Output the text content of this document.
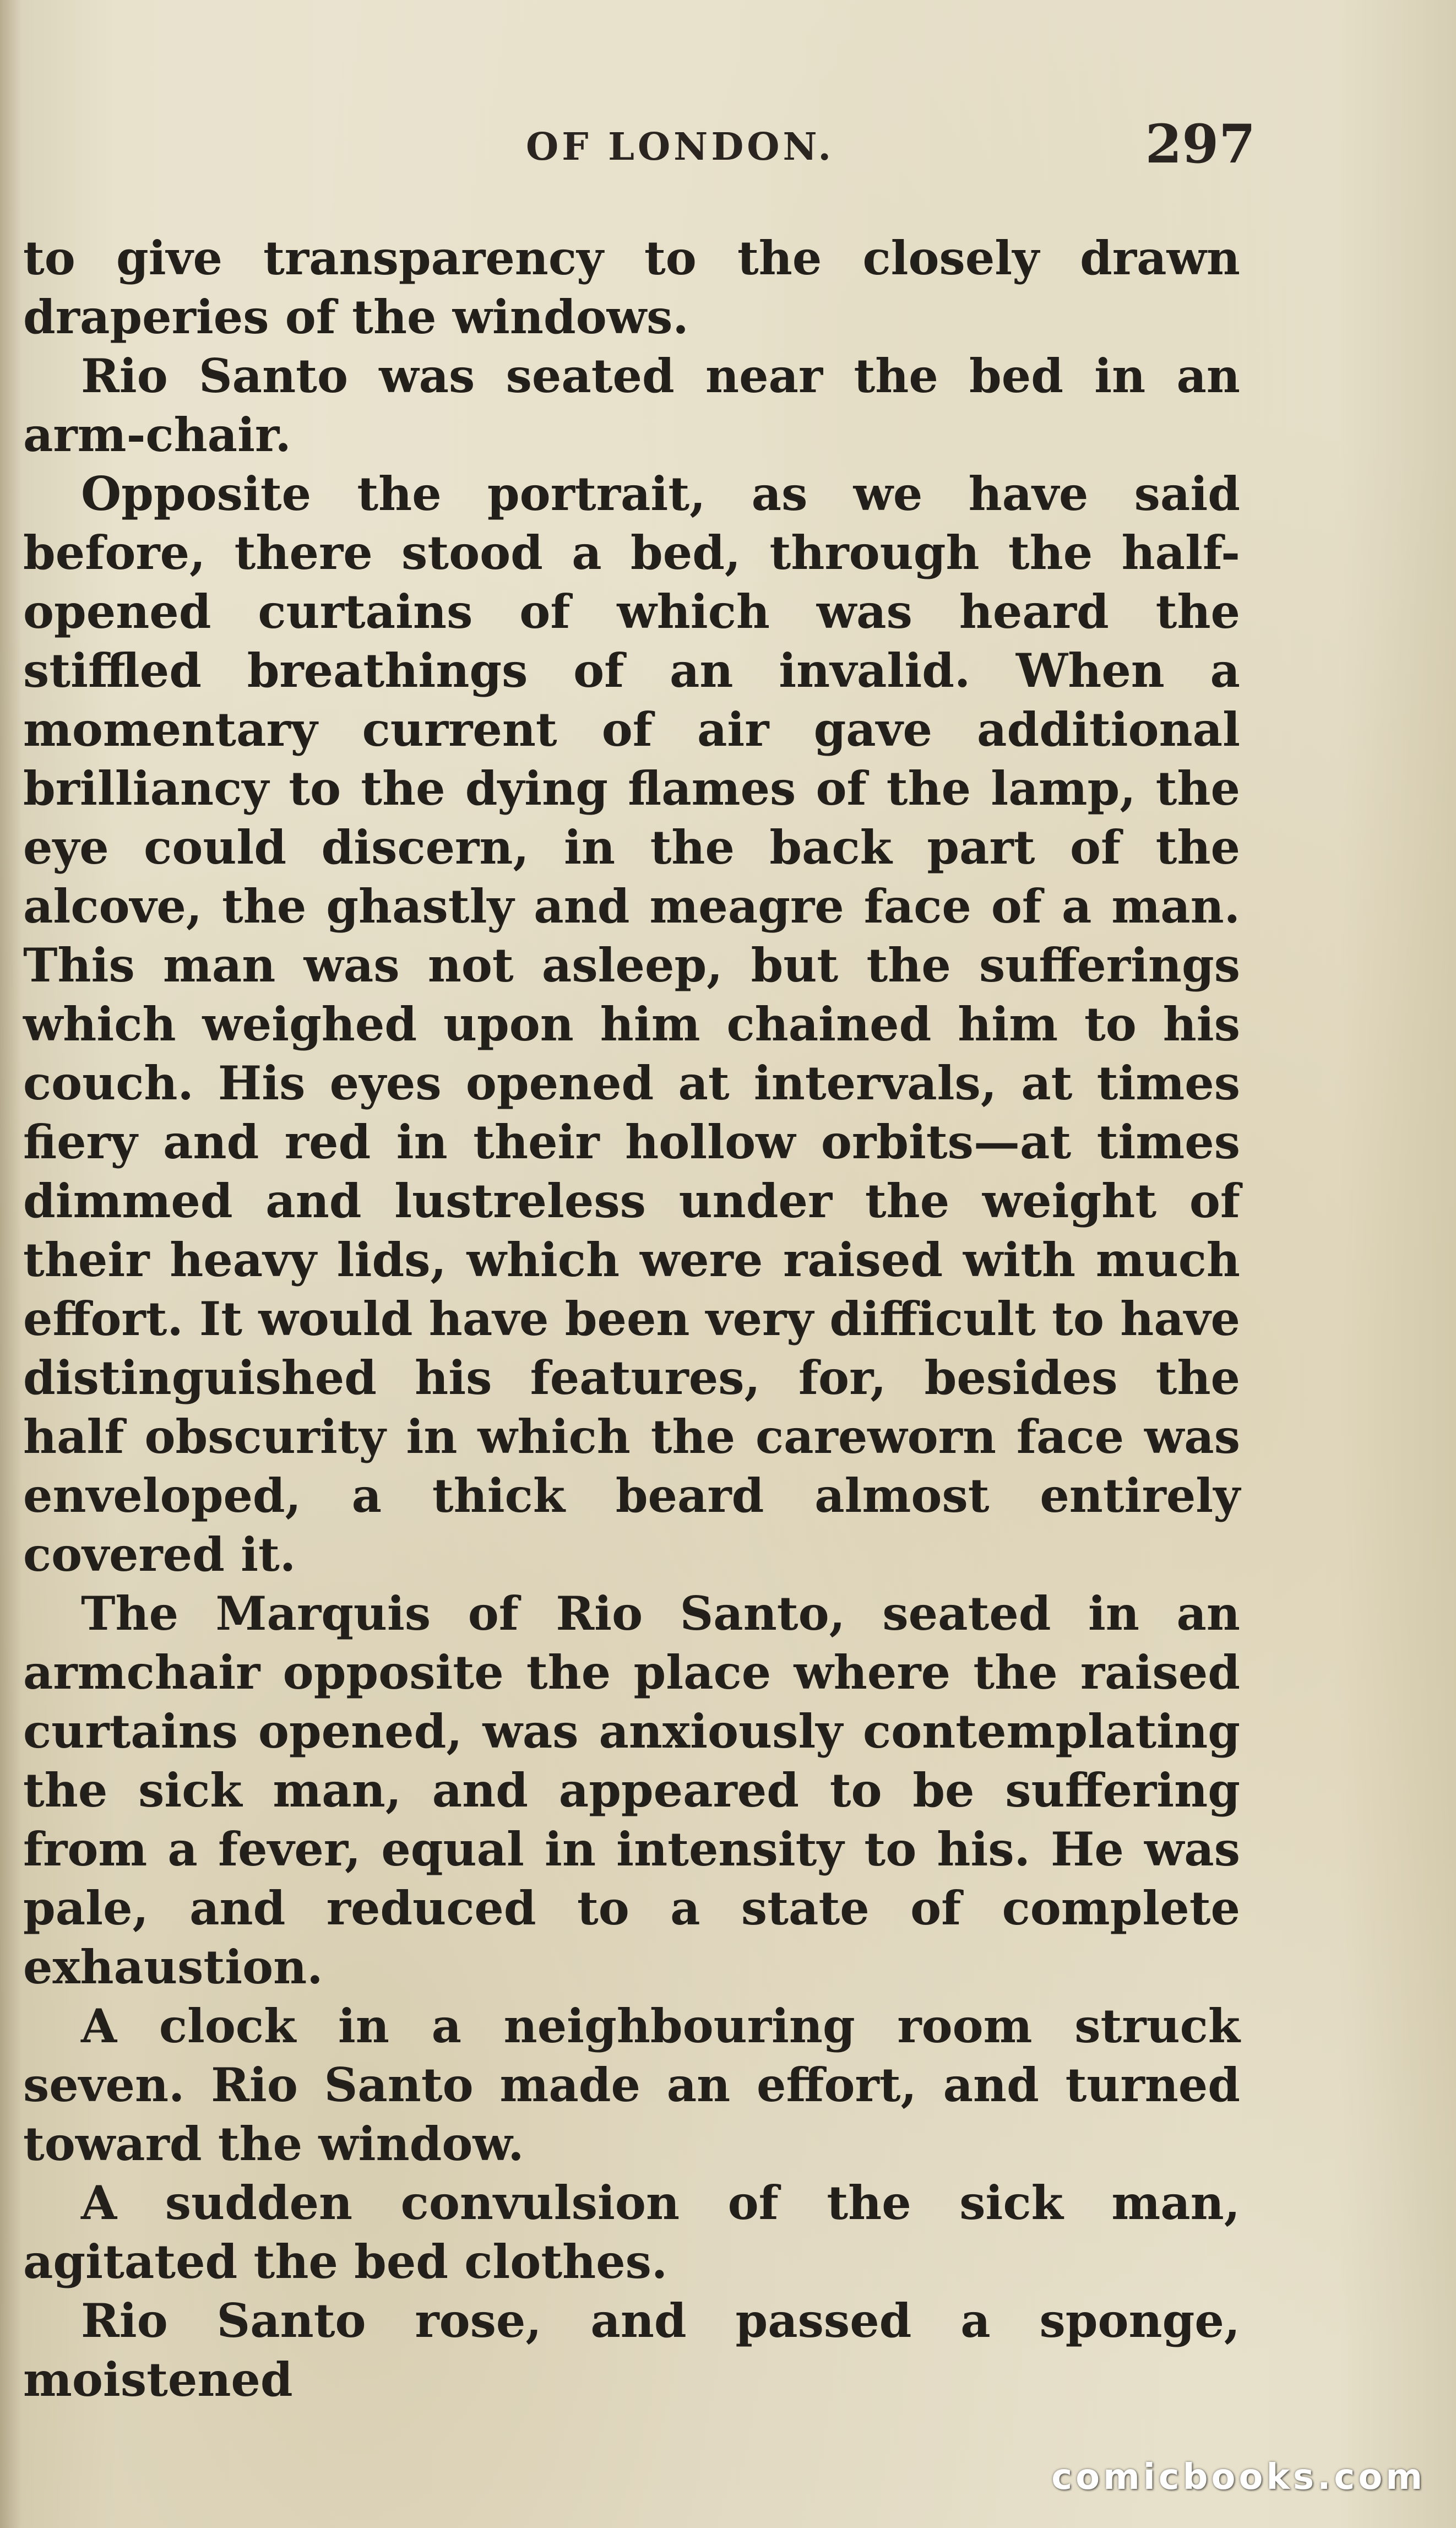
OF LONDON.	297

to give transparency to the closely drawn draperies of the windows.

Rio Santo was seated near the bed in an arm-chair.

Opposite the portrait, as we have said before, there stood a bed, through the half-opened curtains of which was heard the stiffled breathings of an invalid. When a momentary current of air gave additional brilliancy to the dying flames of the lamp, the eye could discern, in the back part of the alcove, the ghastly and meagre face of a man. This man was not asleep, but the sufferings which weighed upon him chained him to his couch. His eyes opened at intervals, at times fiery and red in their hollow orbits—at times dimmed and lustreless under the weight of their heavy lids, which were raised with much effort. It would have been very difficult to have distinguished his features, for, besides the half obscurity in which the careworn face was enveloped, a thick beard almost entirely covered it.

The Marquis of Rio Santo, seated in an armchair opposite the place where the raised curtains opened, was anxiously contemplating the sick man, and appeared to be suffering from a fever, equal in intensity to his. He was pale, and reduced to a state of complete exhaustion.

A clock in a neighbouring room struck seven. Rio Santo made an effort, and turned toward the window.

A sudden convulsion of the sick man, agitated the bed clothes.

Rio Santo rose, and passed a sponge, moistened

comicbooks.com
